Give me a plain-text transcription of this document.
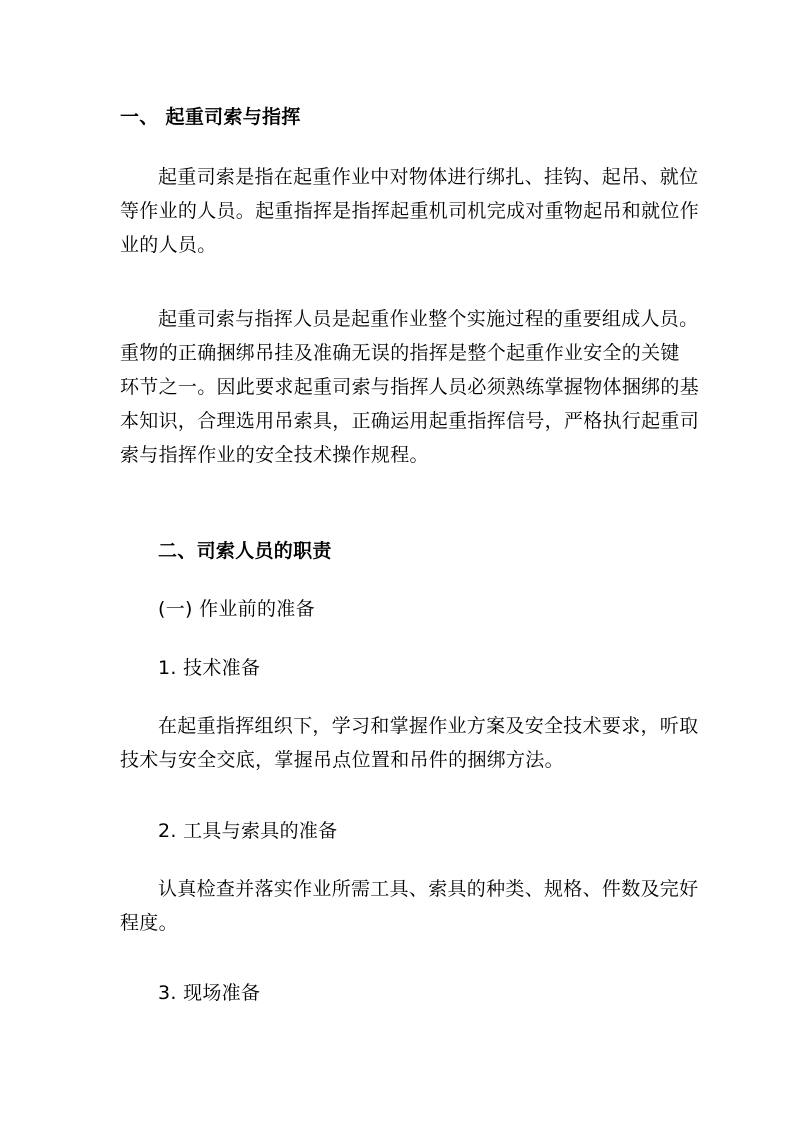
一、 起重司索与指挥
起重司索是指在起重作业中对物体进行绑扎、挂钩、起吊、就位
等作业的人员。起重指挥是指挥起重机司机完成对重物起吊和就位作
业的人员。
起重司索与指挥人员是起重作业整个实施过程的重要组成人员。
重物的正确捆绑吊挂及准确无误的指挥是整个起重作业安全的关键
环节之一。因此要求起重司索与指挥人员必须熟练掌握物体捆绑的基
本知识，合理选用吊索具，正确运用起重指挥信号，严格执行起重司
索与指挥作业的安全技术操作规程。
二、司索人员的职责
(一) 作业前的准备
1. 技术准备
在起重指挥组织下，学习和掌握作业方案及安全技术要求，听取
技术与安全交底，掌握吊点位置和吊件的捆绑方法。
2. 工具与索具的准备
认真检查并落实作业所需工具、索具的种类、规格、件数及完好
程度。
3. 现场准备
